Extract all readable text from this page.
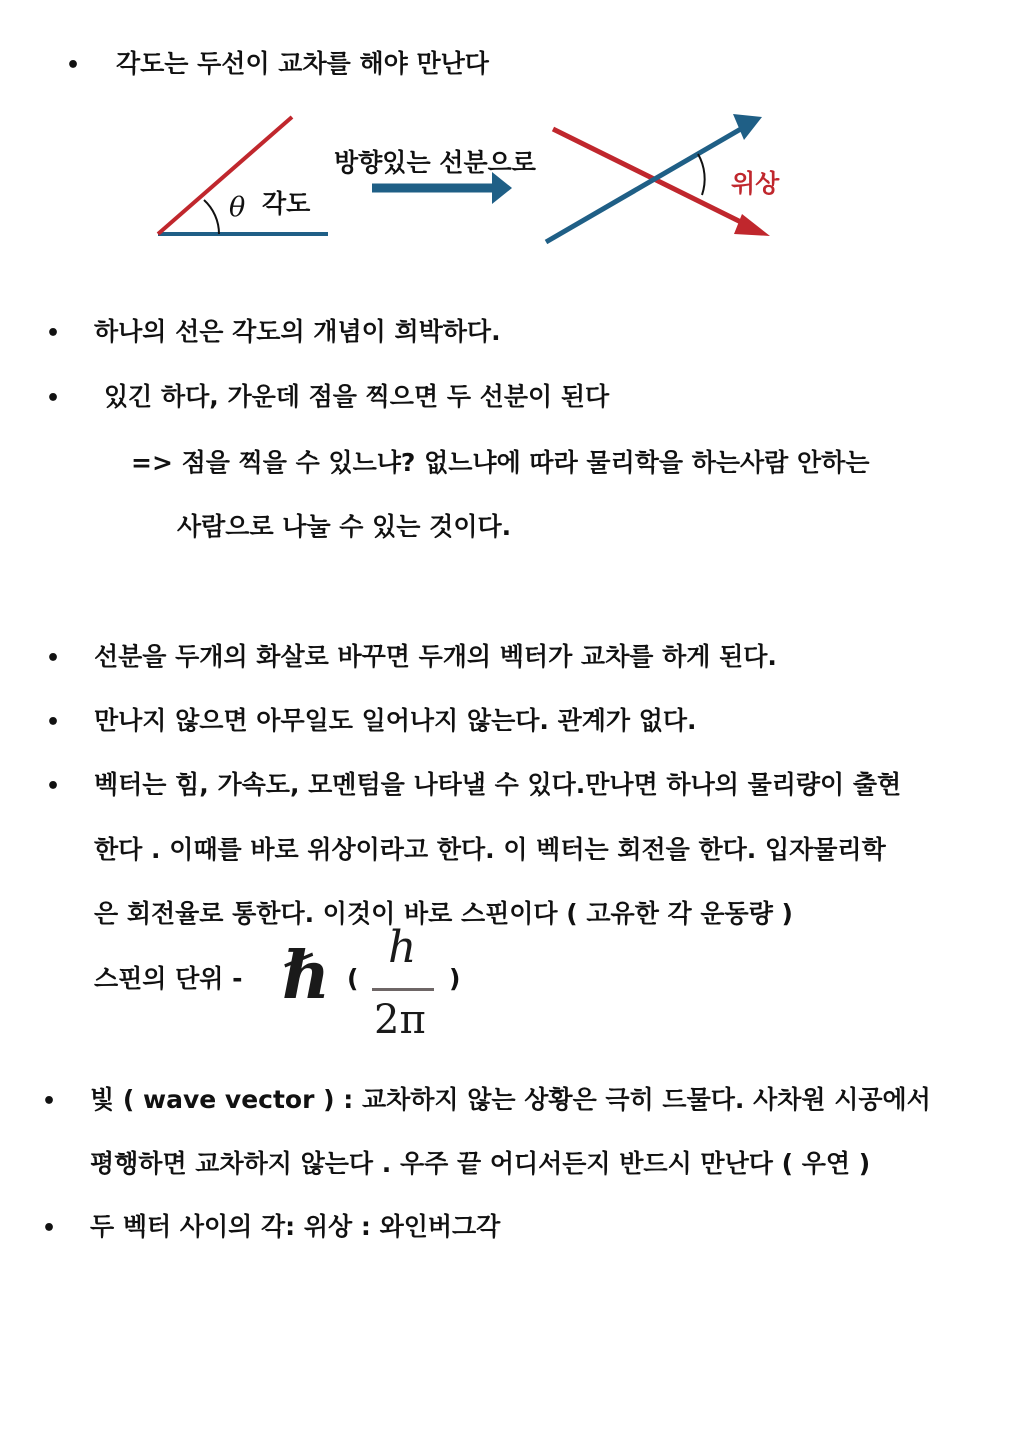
•
•
•
•
•
•
•
•
각도는 두선이 교차를 해야 만난다
하나의 선은 각도의 개념이 희박하다.
있긴 하다, 가운데 점을 찍으면 두 선분이 된다
=> 점을 찍을 수 있느냐? 없느냐에 따라 물리학을 하는사람 안하는
사람으로 나눌 수 있는 것이다.
선분을 두개의 화살로 바꾸면 두개의 벡터가 교차를 하게 된다.
만나지 않으면 아무일도 일어나지 않는다. 관계가 없다.
벡터는 힘, 가속도, 모멘텀을 나타낼 수 있다.만나면 하나의 물리량이 출현
한다 . 이때를 바로 위상이라고 한다. 이 벡터는 회전을 한다. 입자물리학
은 회전율로 통한다. 이것이 바로 스핀이다 ( 고유한 각 운동량 )
스핀의 단위 -
빛 ( wave vector ) : 교차하지 않는 상황은 극히 드물다. 사차원 시공에서
평행하면 교차하지 않는다 . 우주 끝 어디서든지 반드시 만난다 ( 우연 )
두 벡터 사이의 각: 위상 : 와인버그각
θ 각도
방향있는 선분으로
위상
ℏ (
h
2π
)
